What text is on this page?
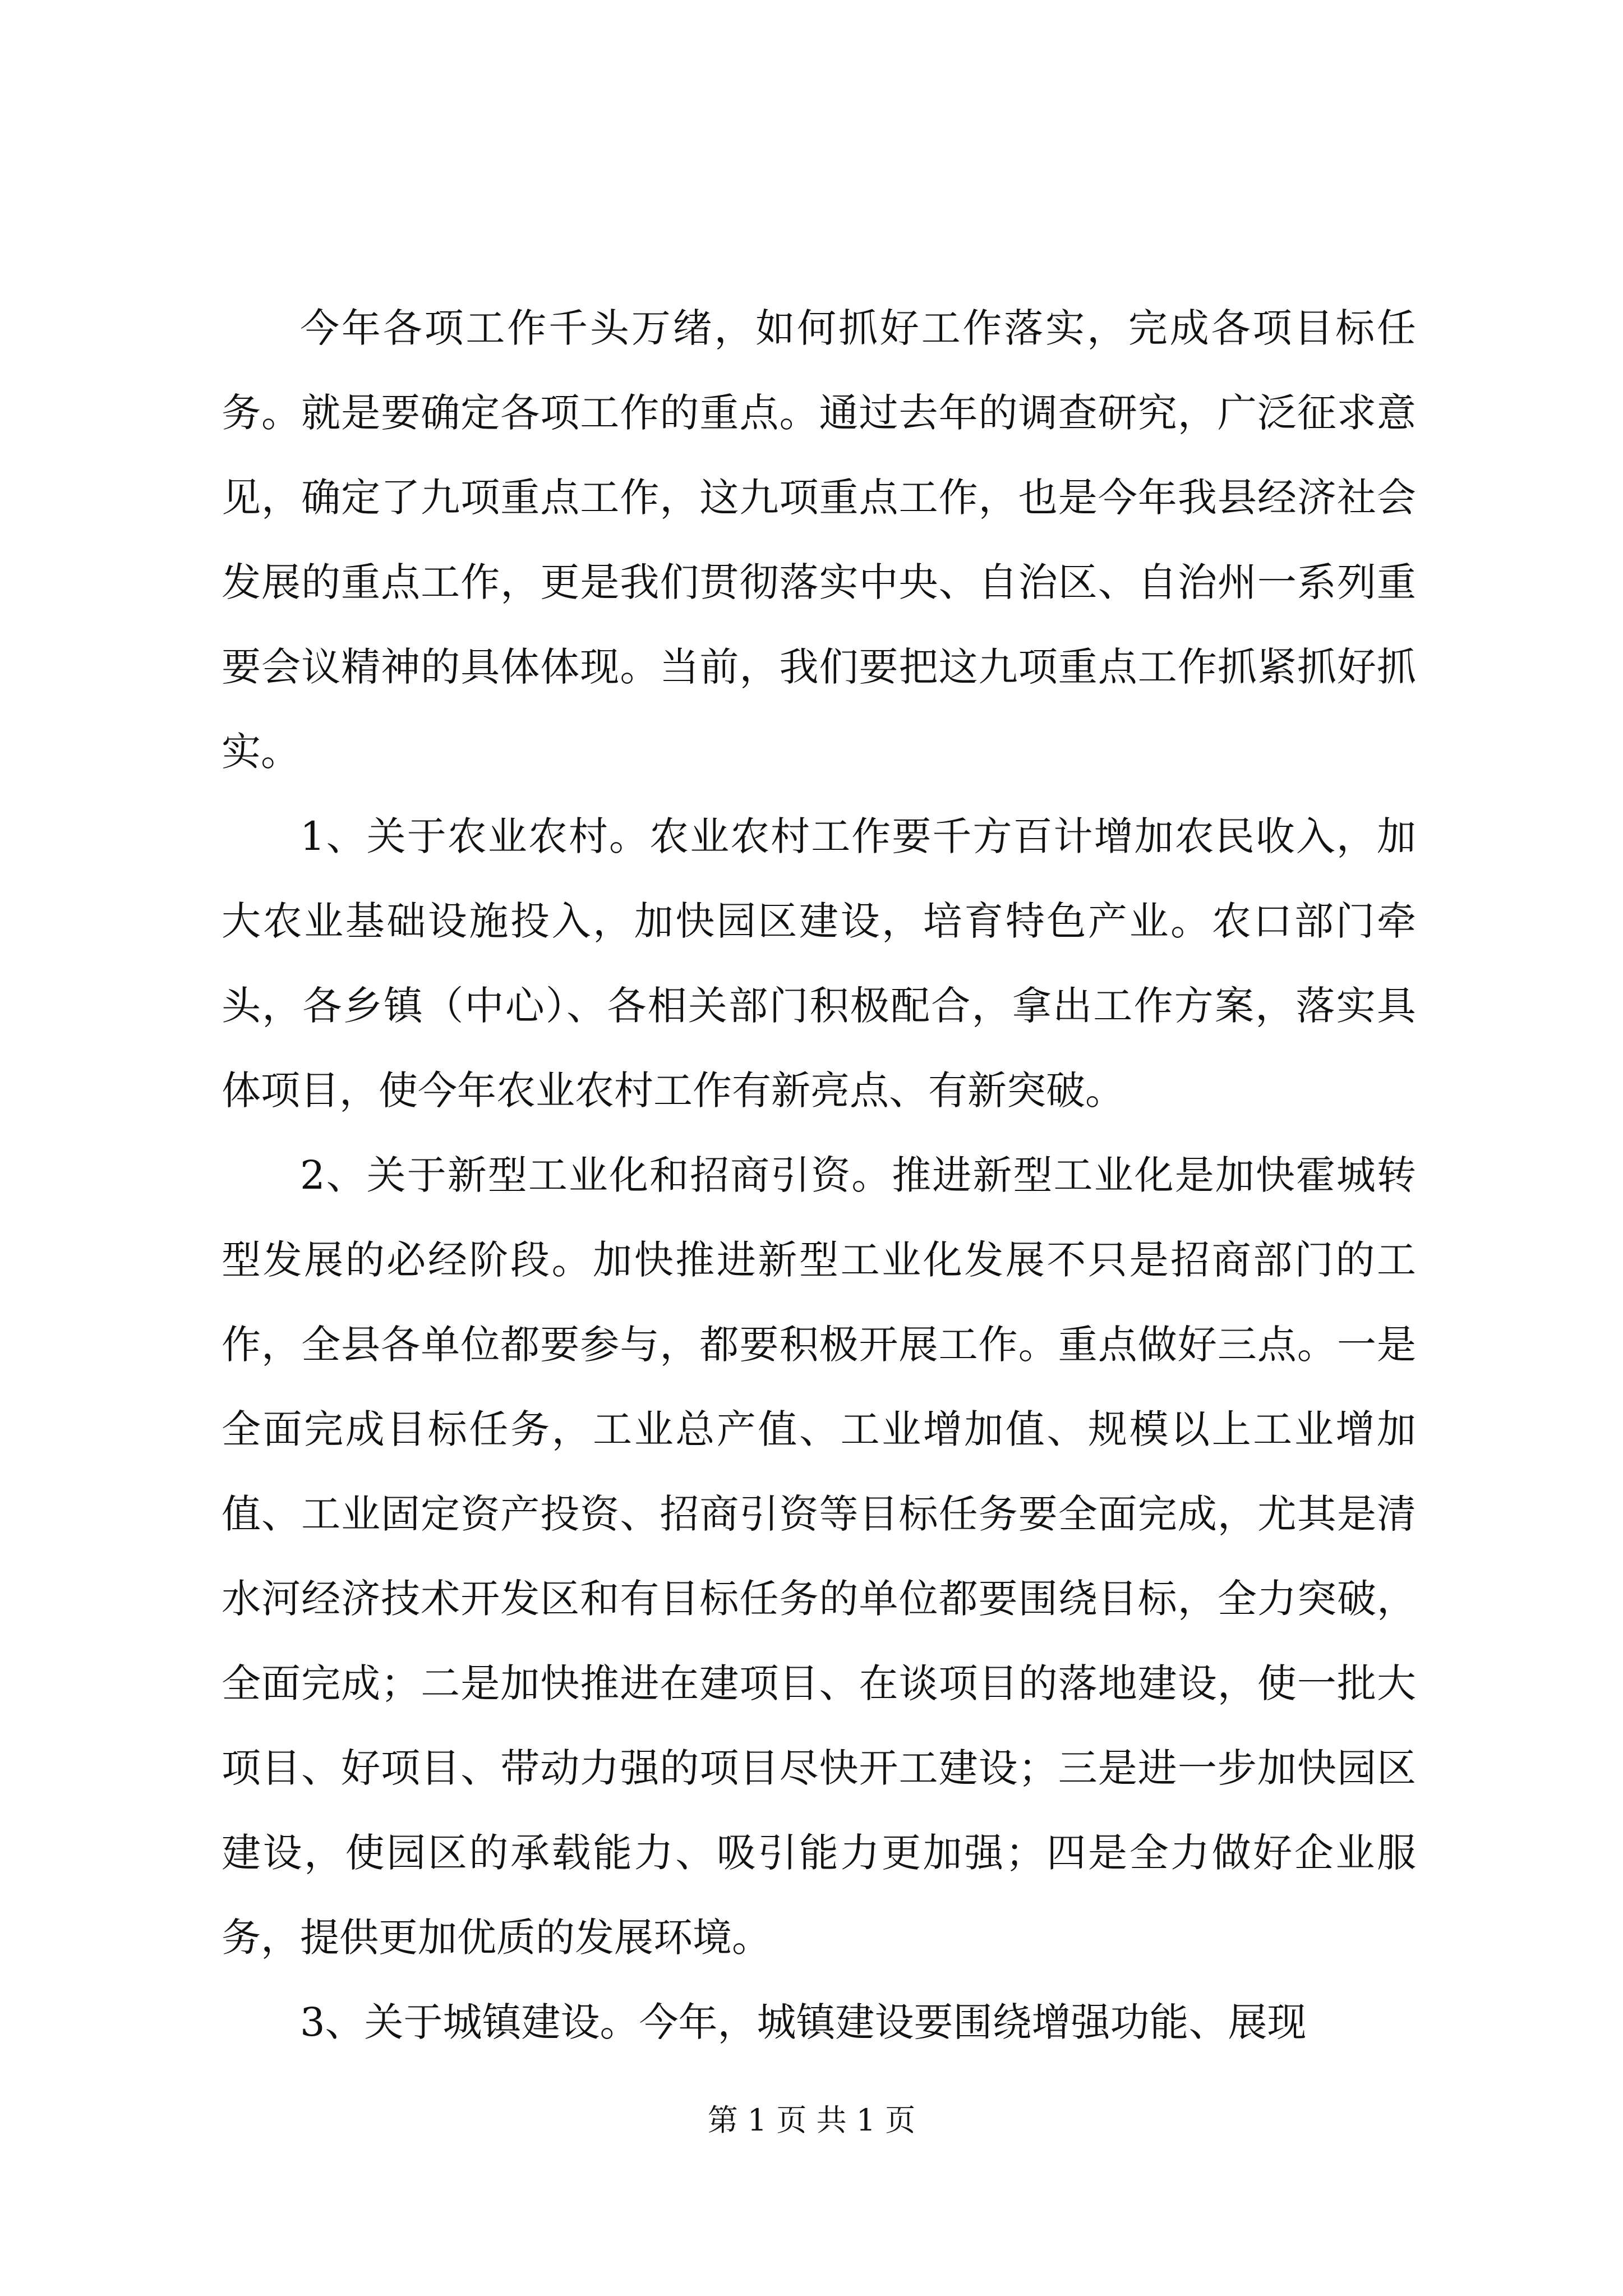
今年各项工作千头万绪，如何抓好工作落实，完成各项目标任务。就是要确定各项工作的重点。通过去年的调查研究，广泛征求意见，确定了九项重点工作，这九项重点工作，也是今年我县经济社会发展的重点工作，更是我们贯彻落实中央、自治区、自治州一系列重要会议精神的具体体现。当前，我们要把这九项重点工作抓紧抓好抓实。

1、关于农业农村。农业农村工作要千方百计增加农民收入，加大农业基础设施投入，加快园区建设，培育特色产业。农口部门牵头，各乡镇（中心）、各相关部门积极配合，拿出工作方案，落实具体项目，使今年农业农村工作有新亮点、有新突破。

2、关于新型工业化和招商引资。推进新型工业化是加快霍城转型发展的必经阶段。加快推进新型工业化发展不只是招商部门的工作，全县各单位都要参与，都要积极开展工作。重点做好三点。一是全面完成目标任务，工业总产值、工业增加值、规模以上工业增加值、工业固定资产投资、招商引资等目标任务要全面完成，尤其是清水河经济技术开发区和有目标任务的单位都要围绕目标，全力突破，全面完成；二是加快推进在建项目、在谈项目的落地建设，使一批大项目、好项目、带动力强的项目尽快开工建设；三是进一步加快园区建设，使园区的承载能力、吸引能力更加强；四是全力做好企业服务，提供更加优质的发展环境。

3、关于城镇建设。今年，城镇建设要围绕增强功能、展现

第 1 页 共 1 页
